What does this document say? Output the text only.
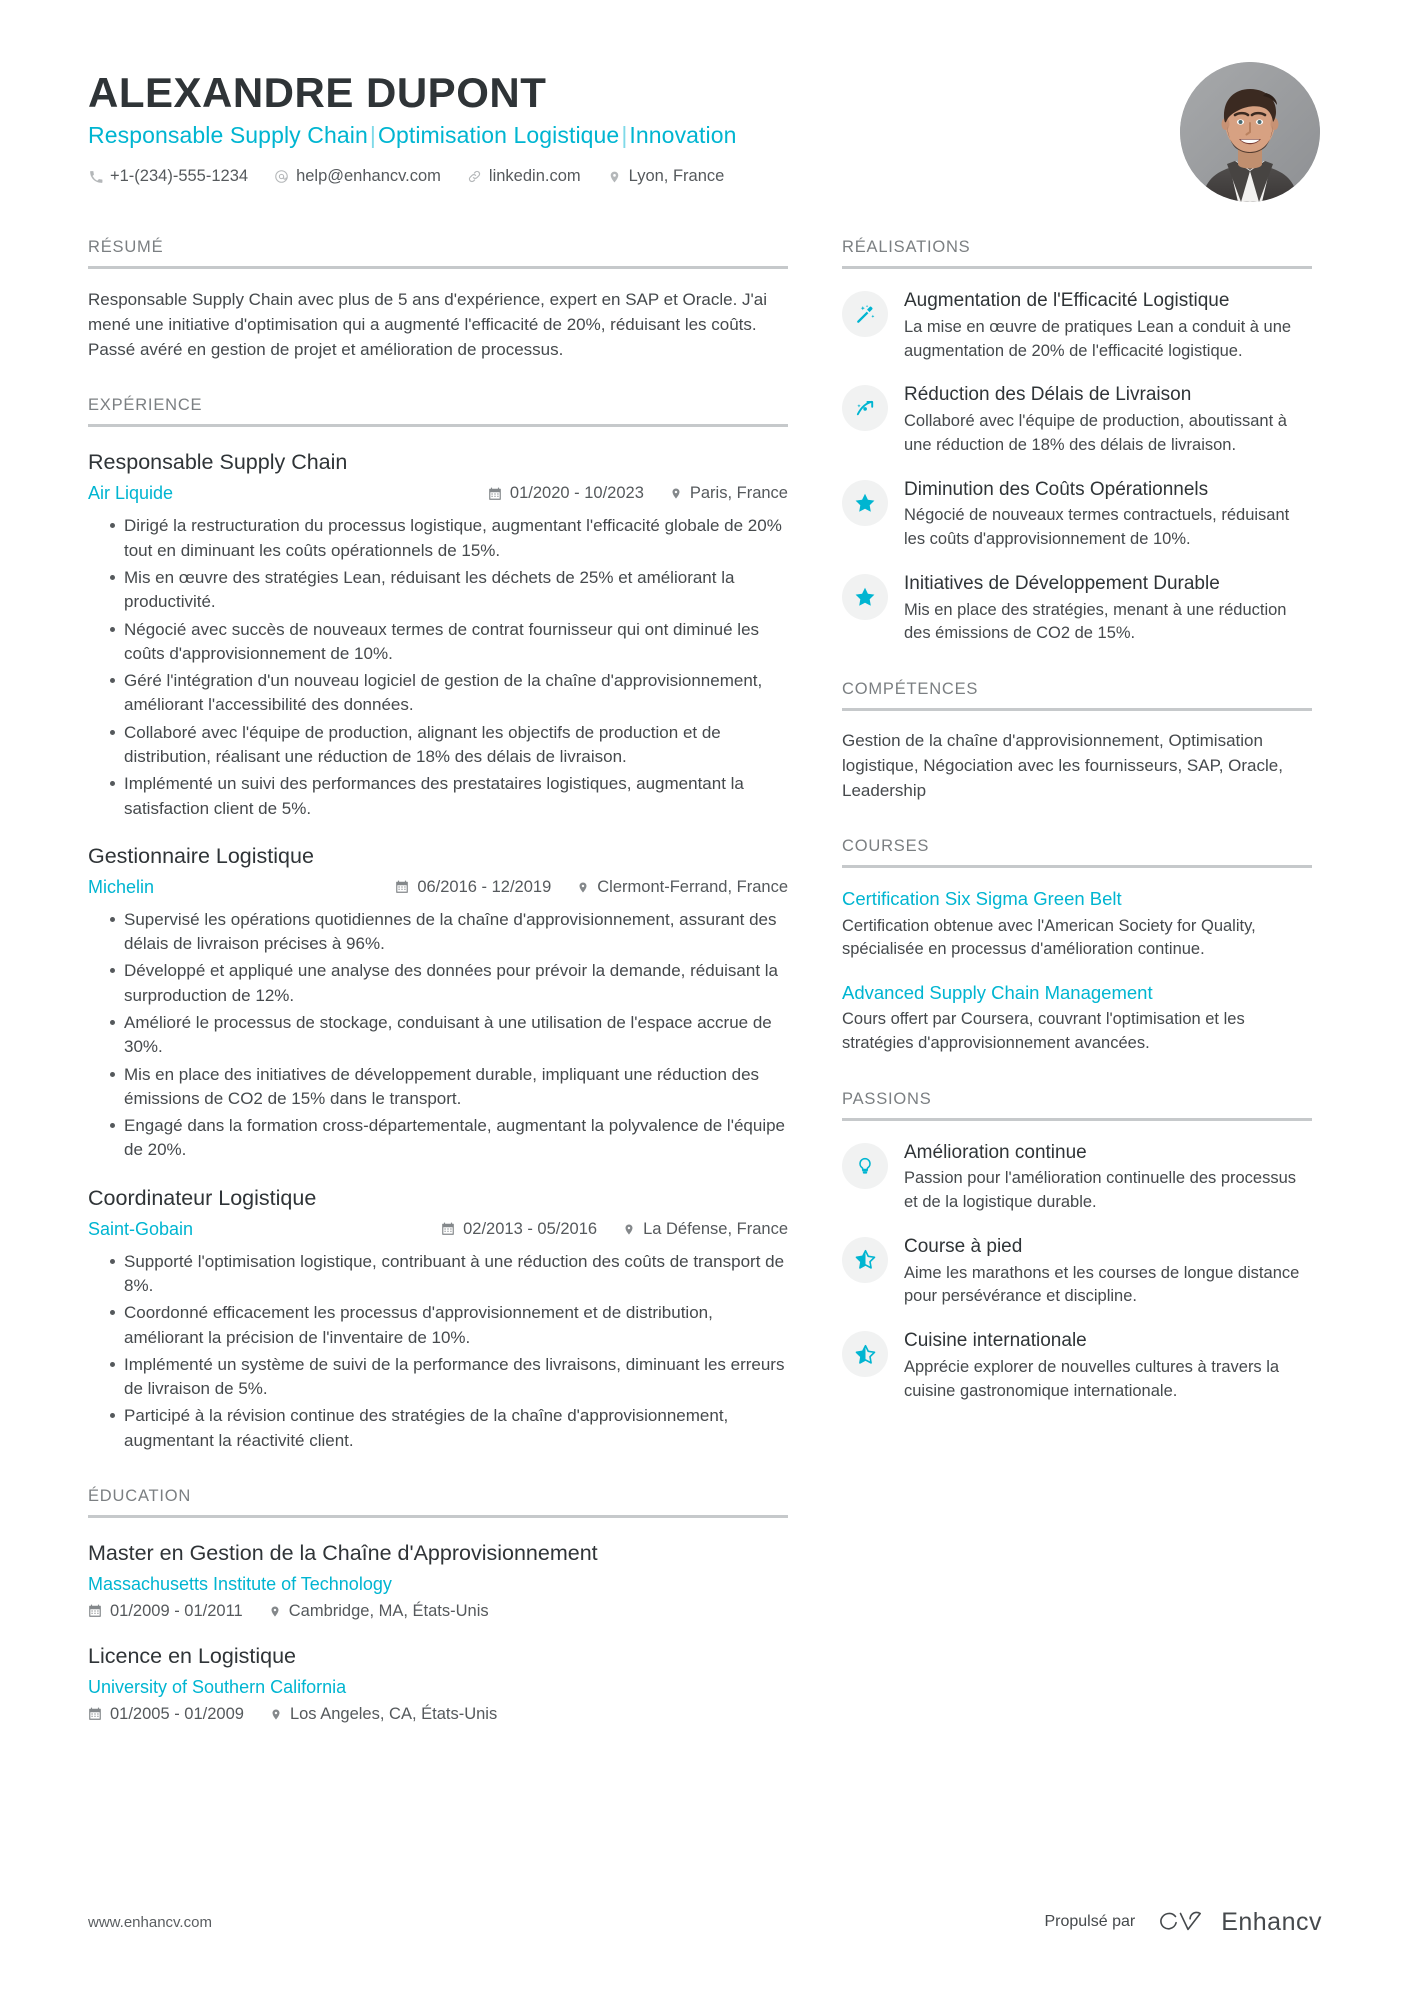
ALEXANDRE DUPONT
Responsable Supply Chain|Optimisation Logistique|Innovation
+1-(234)-555-1234	help@enhancv.com	linkedin.com	Lyon, France
RÉSUMÉ
Responsable Supply Chain avec plus de 5 ans d'expérience, expert en SAP et Oracle. J'ai mené une initiative d'optimisation qui a augmenté l'efficacité de 20%, réduisant les coûts. Passé avéré en gestion de projet et amélioration de processus.
EXPÉRIENCE
Responsable Supply Chain
Air Liquide	01/2020 - 10/2023	Paris, France
Dirigé la restructuration du processus logistique, augmentant l'efficacité globale de 20% tout en diminuant les coûts opérationnels de 15%.
Mis en œuvre des stratégies Lean, réduisant les déchets de 25% et améliorant la productivité.
Négocié avec succès de nouveaux termes de contrat fournisseur qui ont diminué les coûts d'approvisionnement de 10%.
Géré l'intégration d'un nouveau logiciel de gestion de la chaîne d'approvisionnement, améliorant l'accessibilité des données.
Collaboré avec l'équipe de production, alignant les objectifs de production et de distribution, réalisant une réduction de 18% des délais de livraison.
Implémenté un suivi des performances des prestataires logistiques, augmentant la satisfaction client de 5%.
Gestionnaire Logistique
Michelin	06/2016 - 12/2019	Clermont-Ferrand, France
Supervisé les opérations quotidiennes de la chaîne d'approvisionnement, assurant des délais de livraison précises à 96%.
Développé et appliqué une analyse des données pour prévoir la demande, réduisant la surproduction de 12%.
Amélioré le processus de stockage, conduisant à une utilisation de l'espace accrue de 30%.
Mis en place des initiatives de développement durable, impliquant une réduction des émissions de CO2 de 15% dans le transport.
Engagé dans la formation cross-départementale, augmentant la polyvalence de l'équipe de 20%.
Coordinateur Logistique
Saint-Gobain	02/2013 - 05/2016	La Défense, France
Supporté l'optimisation logistique, contribuant à une réduction des coûts de transport de 8%.
Coordonné efficacement les processus d'approvisionnement et de distribution, améliorant la précision de l'inventaire de 10%.
Implémenté un système de suivi de la performance des livraisons, diminuant les erreurs de livraison de 5%.
Participé à la révision continue des stratégies de la chaîne d'approvisionnement, augmentant la réactivité client.
ÉDUCATION
Master en Gestion de la Chaîne d'Approvisionnement
Massachusetts Institute of Technology
01/2009 - 01/2011	Cambridge, MA, États-Unis
Licence en Logistique
University of Southern California
01/2005 - 01/2009	Los Angeles, CA, États-Unis
RÉALISATIONS
Augmentation de l'Efficacité Logistique
La mise en œuvre de pratiques Lean a conduit à une augmentation de 20% de l'efficacité logistique.
Réduction des Délais de Livraison
Collaboré avec l'équipe de production, aboutissant à une réduction de 18% des délais de livraison.
Diminution des Coûts Opérationnels
Négocié de nouveaux termes contractuels, réduisant les coûts d'approvisionnement de 10%.
Initiatives de Développement Durable
Mis en place des stratégies, menant à une réduction des émissions de CO2 de 15%.
COMPÉTENCES
Gestion de la chaîne d'approvisionnement, Optimisation logistique, Négociation avec les fournisseurs, SAP, Oracle, Leadership
COURSES
Certification Six Sigma Green Belt
Certification obtenue avec l'American Society for Quality, spécialisée en processus d'amélioration continue.
Advanced Supply Chain Management
Cours offert par Coursera, couvrant l'optimisation et les stratégies d'approvisionnement avancées.
PASSIONS
Amélioration continue
Passion pour l'amélioration continuelle des processus et de la logistique durable.
Course à pied
Aime les marathons et les courses de longue distance pour persévérance et discipline.
Cuisine internationale
Apprécie explorer de nouvelles cultures à travers la cuisine gastronomique internationale.
www.enhancv.com	Propulsé par	Enhancv
